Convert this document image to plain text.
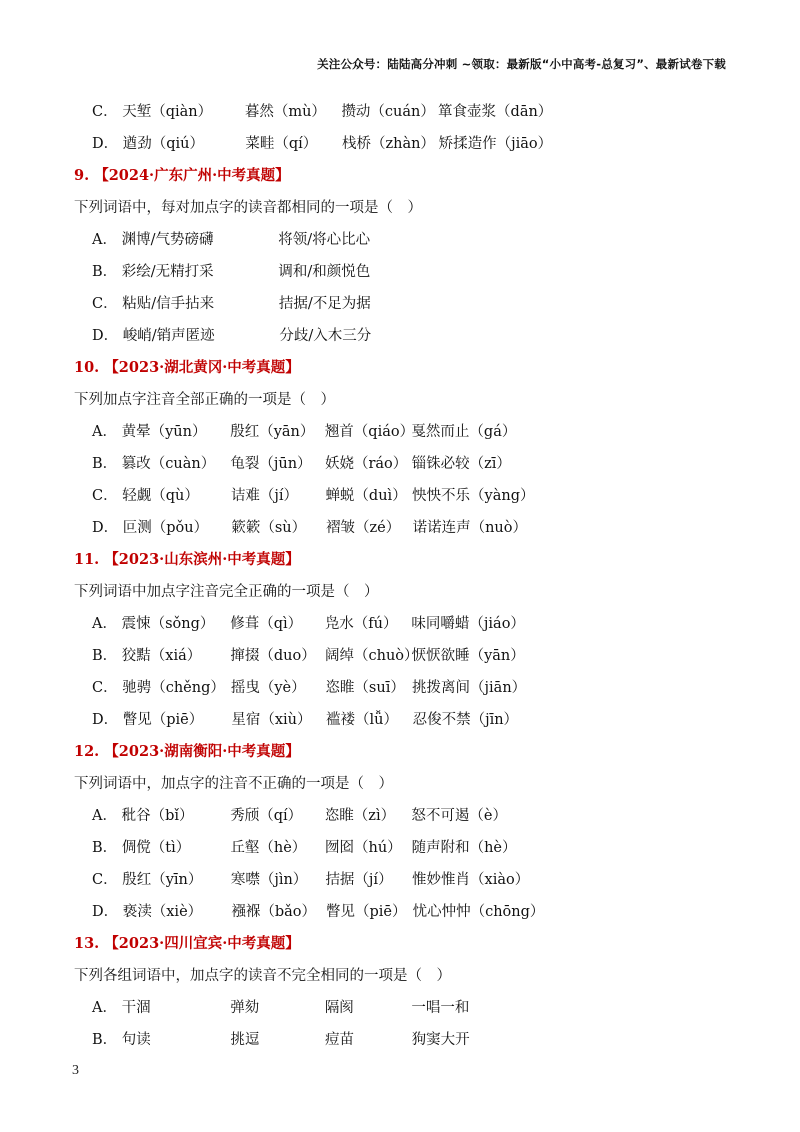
关注公众号：陆陆高分冲刺 ~领取：最新版“小中高考-总复习”、最新试卷下载
C． 天堑（qiàn） 暮然（mù） 攒动（cuán） 箪食壶浆（dān）
D． 遒劲（qiú）	菜畦（qí） 栈桥（zhàn） 矫揉造作（jiāo）
9. 【2024·广东广州·中考真题】
下列词语中，每对加点字的读音都相同的一项是（　）
A． 渊博/气势磅礴	将领/将心比心
B． 彩绘/无精打采	调和/和颜悦色
C． 粘贴/信手拈来	拮据/不足为据
D． 峻峭/销声匿迹	分歧/入木三分
10. 【2023·湖北黄冈·中考真题】
下列加点字注音全部正确的一项是（　）
A． 黄晕（yūn） 殷红（yān） 翘首（qiáo） 戛然而止（gá）
B． 篡改（cuàn） 龟裂（jūn） 妖娆（ráo） 锱铢必较（zī）
C． 轻觑（qù） 诘难（jí） 蝉蜕（duì） 怏怏不乐（yàng）
D． 叵测（pǒu） 簌簌（sù） 褶皱（zé） 诺诺连声（nuò）
11. 【2023·山东滨州·中考真题】
下列词语中加点字注音完全正确的一项是（　）
A． 震悚（sǒng） 修葺（qì） 凫水（fú） 味同嚼蜡（jiáo）
B． 狡黠（xiá） 撺掇（duo） 阔绰（chuò） 恹恹欲睡（yān）
C． 驰骋（chěng） 摇曳（yè） 恣睢（suī） 挑拨离间（jiān）
D． 瞥见（piē） 星宿（xiù） 褴褛（lǚ） 忍俊不禁（jīn）
12. 【2023·湖南衡阳·中考真题】
下列词语中，加点字的注音不正确的一项是（　）
A． 秕谷（bǐ）	秀颀（qí） 恣睢（zì） 怒不可遏（è）
B． 倜傥（tì）	丘壑（hè） 囫囵（hú） 随声附和（hè）
C． 殷红（yīn） 寒噤（jìn） 拮据（jí） 惟妙惟肖（xiào）
D． 亵渎（xiè） 襁褓（bǎo） 瞥见（piē） 忧心忡忡（chōng）
13. 【2023·四川宜宾·中考真题】
下列各组词语中，加点字的读音不完全相同的一项是（　）
A． 干涸	弹劾	隔阂	一唱一和
B． 句读	挑逗	痘苗	狗窦大开
3
